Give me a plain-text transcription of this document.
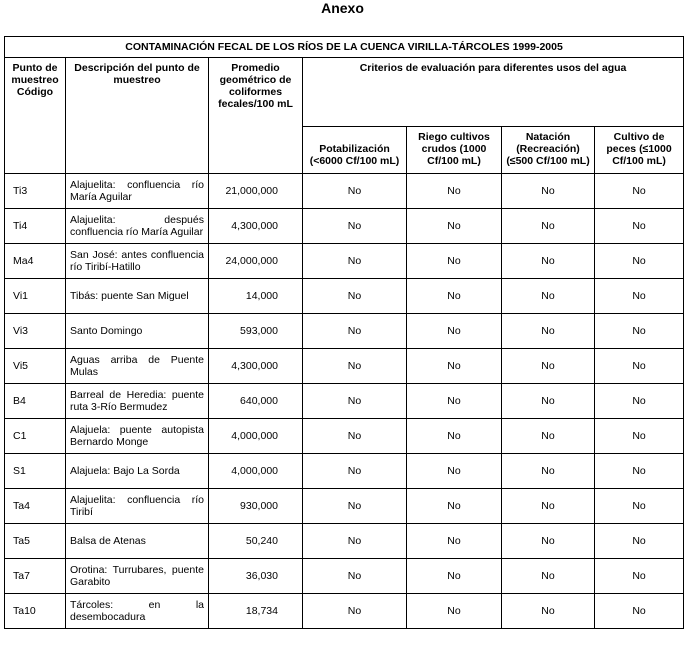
Anexo
CONTAMINACIÓN FECAL DE LOS RÍOS DE LA CUENCA VIRILLA-TÁRCOLES 1999-2005						
Punto de muestreo Código	Descripción del punto de muestreo	Promedio geométrico de coliformes fecales/100 mL	Criterios de evaluación para diferentes usos del agua			
			Potabilización (<6000 Cf/100 mL)	Riego cultivos crudos (1000 Cf/100 mL)	Natación (Recreación) (≤500 Cf/100 mL)	Cultivo de peces (≤1000 Cf/100 mL)
Ti3	Alajuelita: confluencia río María Aguilar	21,000,000	No	No	No	No
Ti4	Alajuelita: después confluencia río María Aguilar	4,300,000	No	No	No	No
Ma4	San José: antes confluencia río Tiribí-Hatillo	24,000,000	No	No	No	No
Vi1	Tibás: puente San Miguel	14,000	No	No	No	No
Vi3	Santo Domingo	593,000	No	No	No	No
Vi5	Aguas arriba de Puente Mulas	4,300,000	No	No	No	No
B4	Barreal de Heredia: puente ruta 3-Río Bermudez	640,000	No	No	No	No
C1	Alajuela: puente autopista Bernardo Monge	4,000,000	No	No	No	No
S1	Alajuela: Bajo La Sorda	4,000,000	No	No	No	No
Ta4	Alajuelita: confluencia río Tiribí	930,000	No	No	No	No
Ta5	Balsa de Atenas	50,240	No	No	No	No
Ta7	Orotina: Turrubares, puente Garabito	36,030	No	No	No	No
Ta10	Tárcoles: en la desembocadura	18,734	No	No	No	No
